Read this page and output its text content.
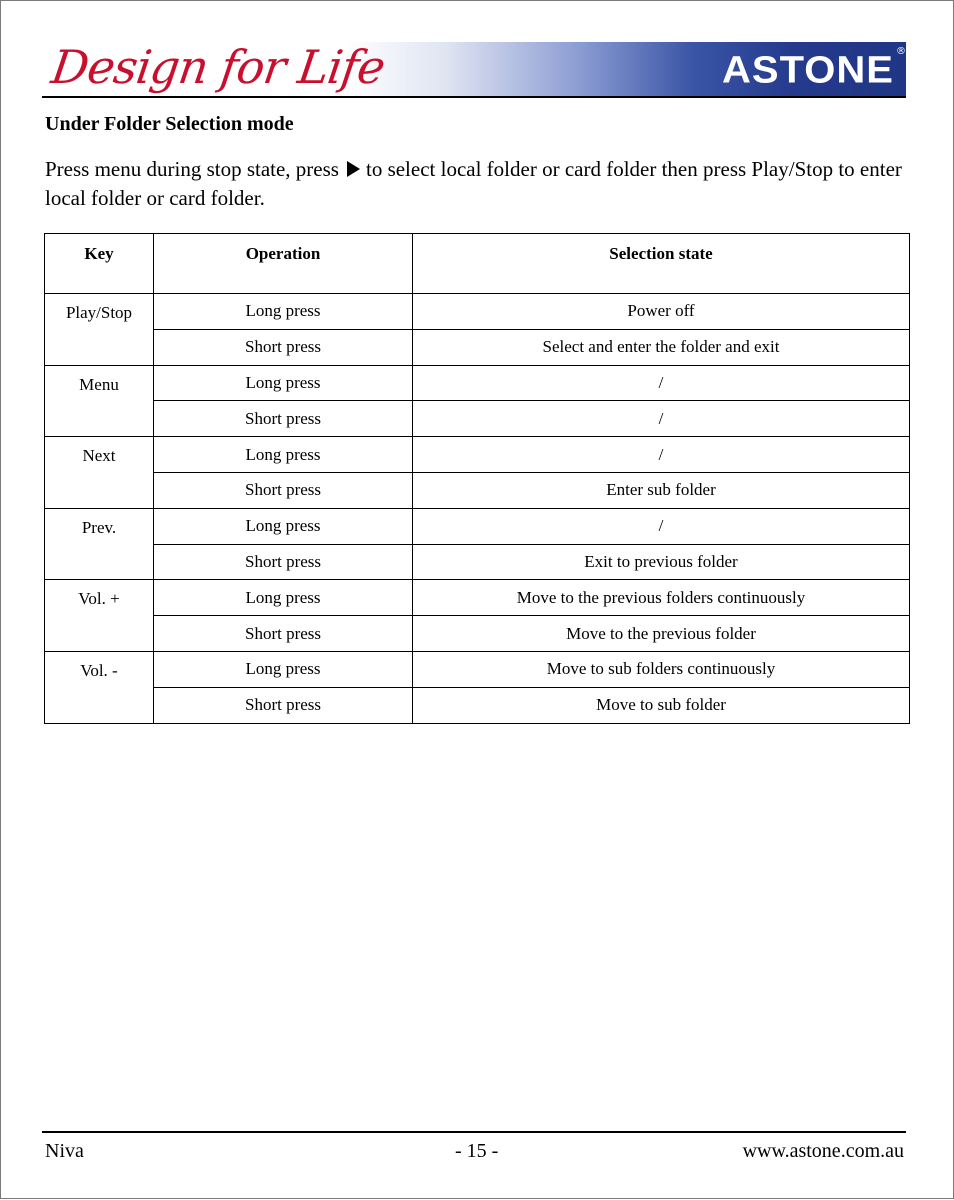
ASTONE ®
Design for Life
Under Folder Selection mode
Press menu during stop state, press to select local folder or card folder then press Play/Stop to enter local folder or card folder.
Key	Operation	Selection state
Play/Stop	Long press	Power off
	Short press	Select and enter the folder and exit
Menu	Long press	/
	Short press	/
Next	Long press	/
	Short press	Enter sub folder
Prev.	Long press	/
	Short press	Exit to previous folder
Vol. +	Long press	Move to the previous folders continuously
	Short press	Move to the previous folder
Vol. -	Long press	Move to sub folders continuously
	Short press	Move to sub folder
Niva	- 15 -	www.astone.com.au
